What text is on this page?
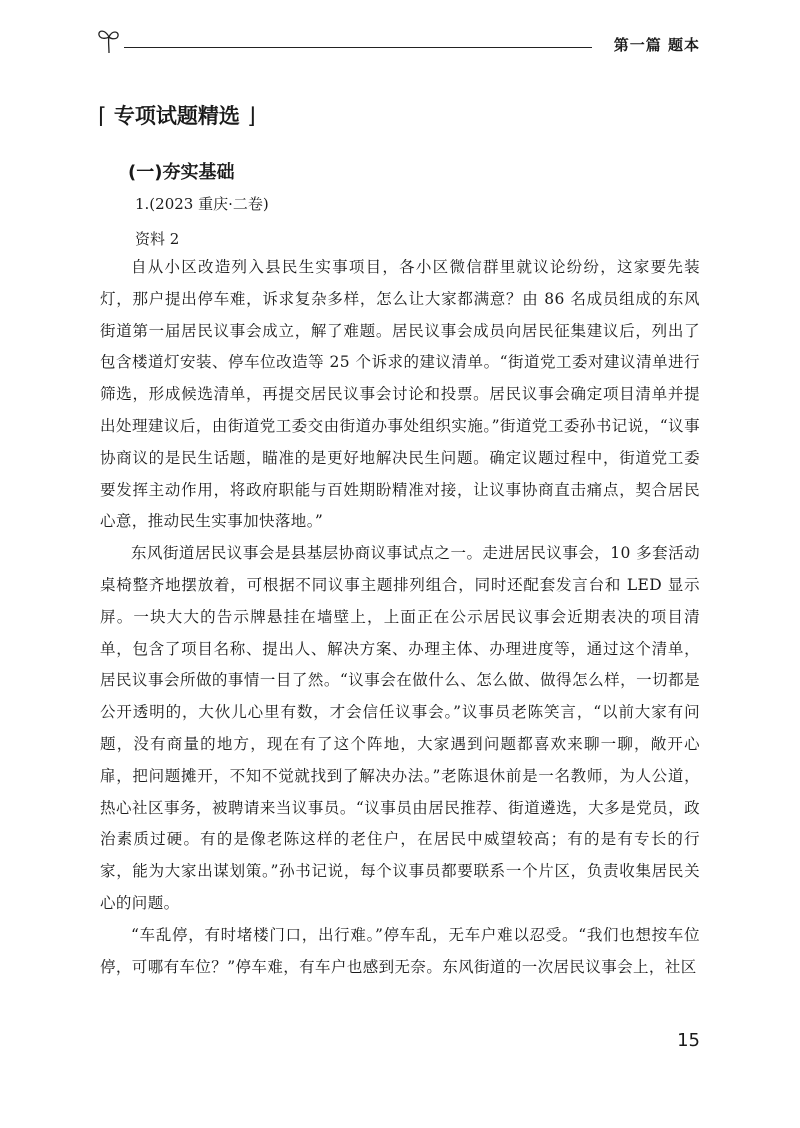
第一篇 题本
⌈ 专项试题精选 ⌋
(一)夯实基础
1.(2023 重庆·二卷)
资料 2

自从小区改造列入县民生实事项目，各小区微信群里就议论纷纷，这家要先装灯，那户提出停车难，诉求复杂多样，怎么让大家都满意？由 86 名成员组成的东风街道第一届居民议事会成立，解了难题。居民议事会成员向居民征集建议后，列出了包含楼道灯安装、停车位改造等 25 个诉求的建议清单。“街道党工委对建议清单进行筛选，形成候选清单，再提交居民议事会讨论和投票。居民议事会确定项目清单并提出处理建议后，由街道党工委交由街道办事处组织实施。”街道党工委孙书记说，“议事协商议的是民生话题，瞄准的是更好地解决民生问题。确定议题过程中，街道党工委要发挥主动作用，将政府职能与百姓期盼精准对接，让议事协商直击痛点，契合居民心意，推动民生实事加快落地。”

东风街道居民议事会是县基层协商议事试点之一。走进居民议事会，10 多套活动桌椅整齐地摆放着，可根据不同议事主题排列组合，同时还配套发言台和 LED 显示屏。一块大大的告示牌悬挂在墙壁上，上面正在公示居民议事会近期表决的项目清单，包含了项目名称、提出人、解决方案、办理主体、办理进度等，通过这个清单，居民议事会所做的事情一目了然。“议事会在做什么、怎么做、做得怎么样，一切都是公开透明的，大伙儿心里有数，才会信任议事会。”议事员老陈笑言，“以前大家有问题，没有商量的地方，现在有了这个阵地，大家遇到问题都喜欢来聊一聊，敞开心扉，把问题摊开，不知不觉就找到了解决办法。”老陈退休前是一名教师，为人公道，热心社区事务，被聘请来当议事员。“议事员由居民推荐、街道遴选，大多是党员，政治素质过硬。有的是像老陈这样的老住户，在居民中威望较高；有的是有专长的行家，能为大家出谋划策。”孙书记说，每个议事员都要联系一个片区，负责收集居民关心的问题。

“车乱停，有时堵楼门口，出行难。”停车乱，无车户难以忍受。“我们也想按车位停，可哪有车位？”停车难，有车户也感到无奈。东风街道的一次居民议事会上，社区

15
